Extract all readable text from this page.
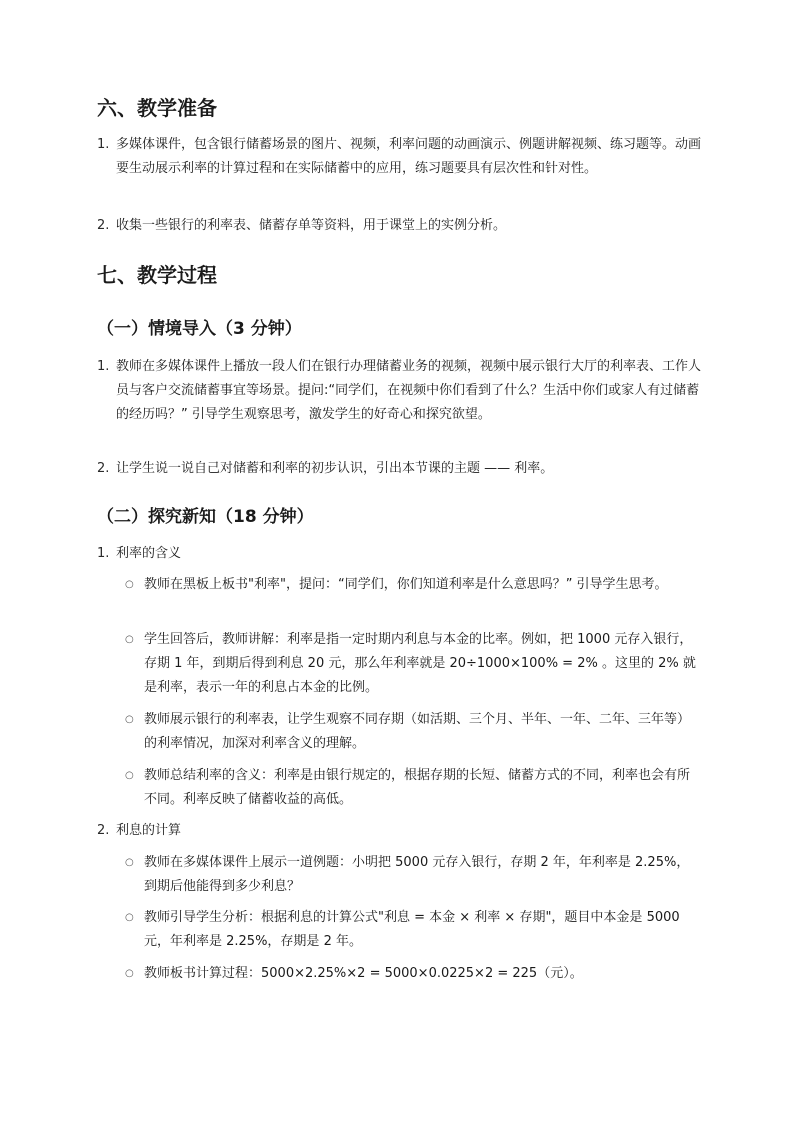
六、教学准备
1. 多媒体课件，包含银行储蓄场景的图片、视频，利率问题的动画演示、例题讲解视频、练习题等。动画要生动展示利率的计算过程和在实际储蓄中的应用，练习题要具有层次性和针对性。
2. 收集一些银行的利率表、储蓄存单等资料，用于课堂上的实例分析。
七、教学过程
（一）情境导入（3 分钟）
1. 教师在多媒体课件上播放一段人们在银行办理储蓄业务的视频，视频中展示银行大厅的利率表、工作人员与客户交流储蓄事宜等场景。提问:“同学们，在视频中你们看到了什么？生活中你们或家人有过储蓄的经历吗？” 引导学生观察思考，激发学生的好奇心和探究欲望。
2. 让学生说一说自己对储蓄和利率的初步认识，引出本节课的主题 —— 利率。
（二）探究新知（18 分钟）
1. 利率的含义
○ 教师在黑板上板书"利率"，提问：“同学们，你们知道利率是什么意思吗？” 引导学生思考。
○ 学生回答后，教师讲解：利率是指一定时期内利息与本金的比率。例如，把 1000 元存入银行，存期 1 年，到期后得到利息 20 元，那么年利率就是 20÷1000×100% = 2% 。这里的 2% 就是利率，表示一年的利息占本金的比例。
○ 教师展示银行的利率表，让学生观察不同存期（如活期、三个月、半年、一年、二年、三年等）的利率情况，加深对利率含义的理解。
○ 教师总结利率的含义：利率是由银行规定的，根据存期的长短、储蓄方式的不同，利率也会有所不同。利率反映了储蓄收益的高低。
2. 利息的计算
○ 教师在多媒体课件上展示一道例题：小明把 5000 元存入银行，存期 2 年，年利率是 2.25%，到期后他能得到多少利息？
○ 教师引导学生分析：根据利息的计算公式"利息 = 本金 × 利率 × 存期"，题目中本金是 5000 元，年利率是 2.25%，存期是 2 年。
○ 教师板书计算过程：5000×2.25%×2 = 5000×0.0225×2 = 225（元）。
